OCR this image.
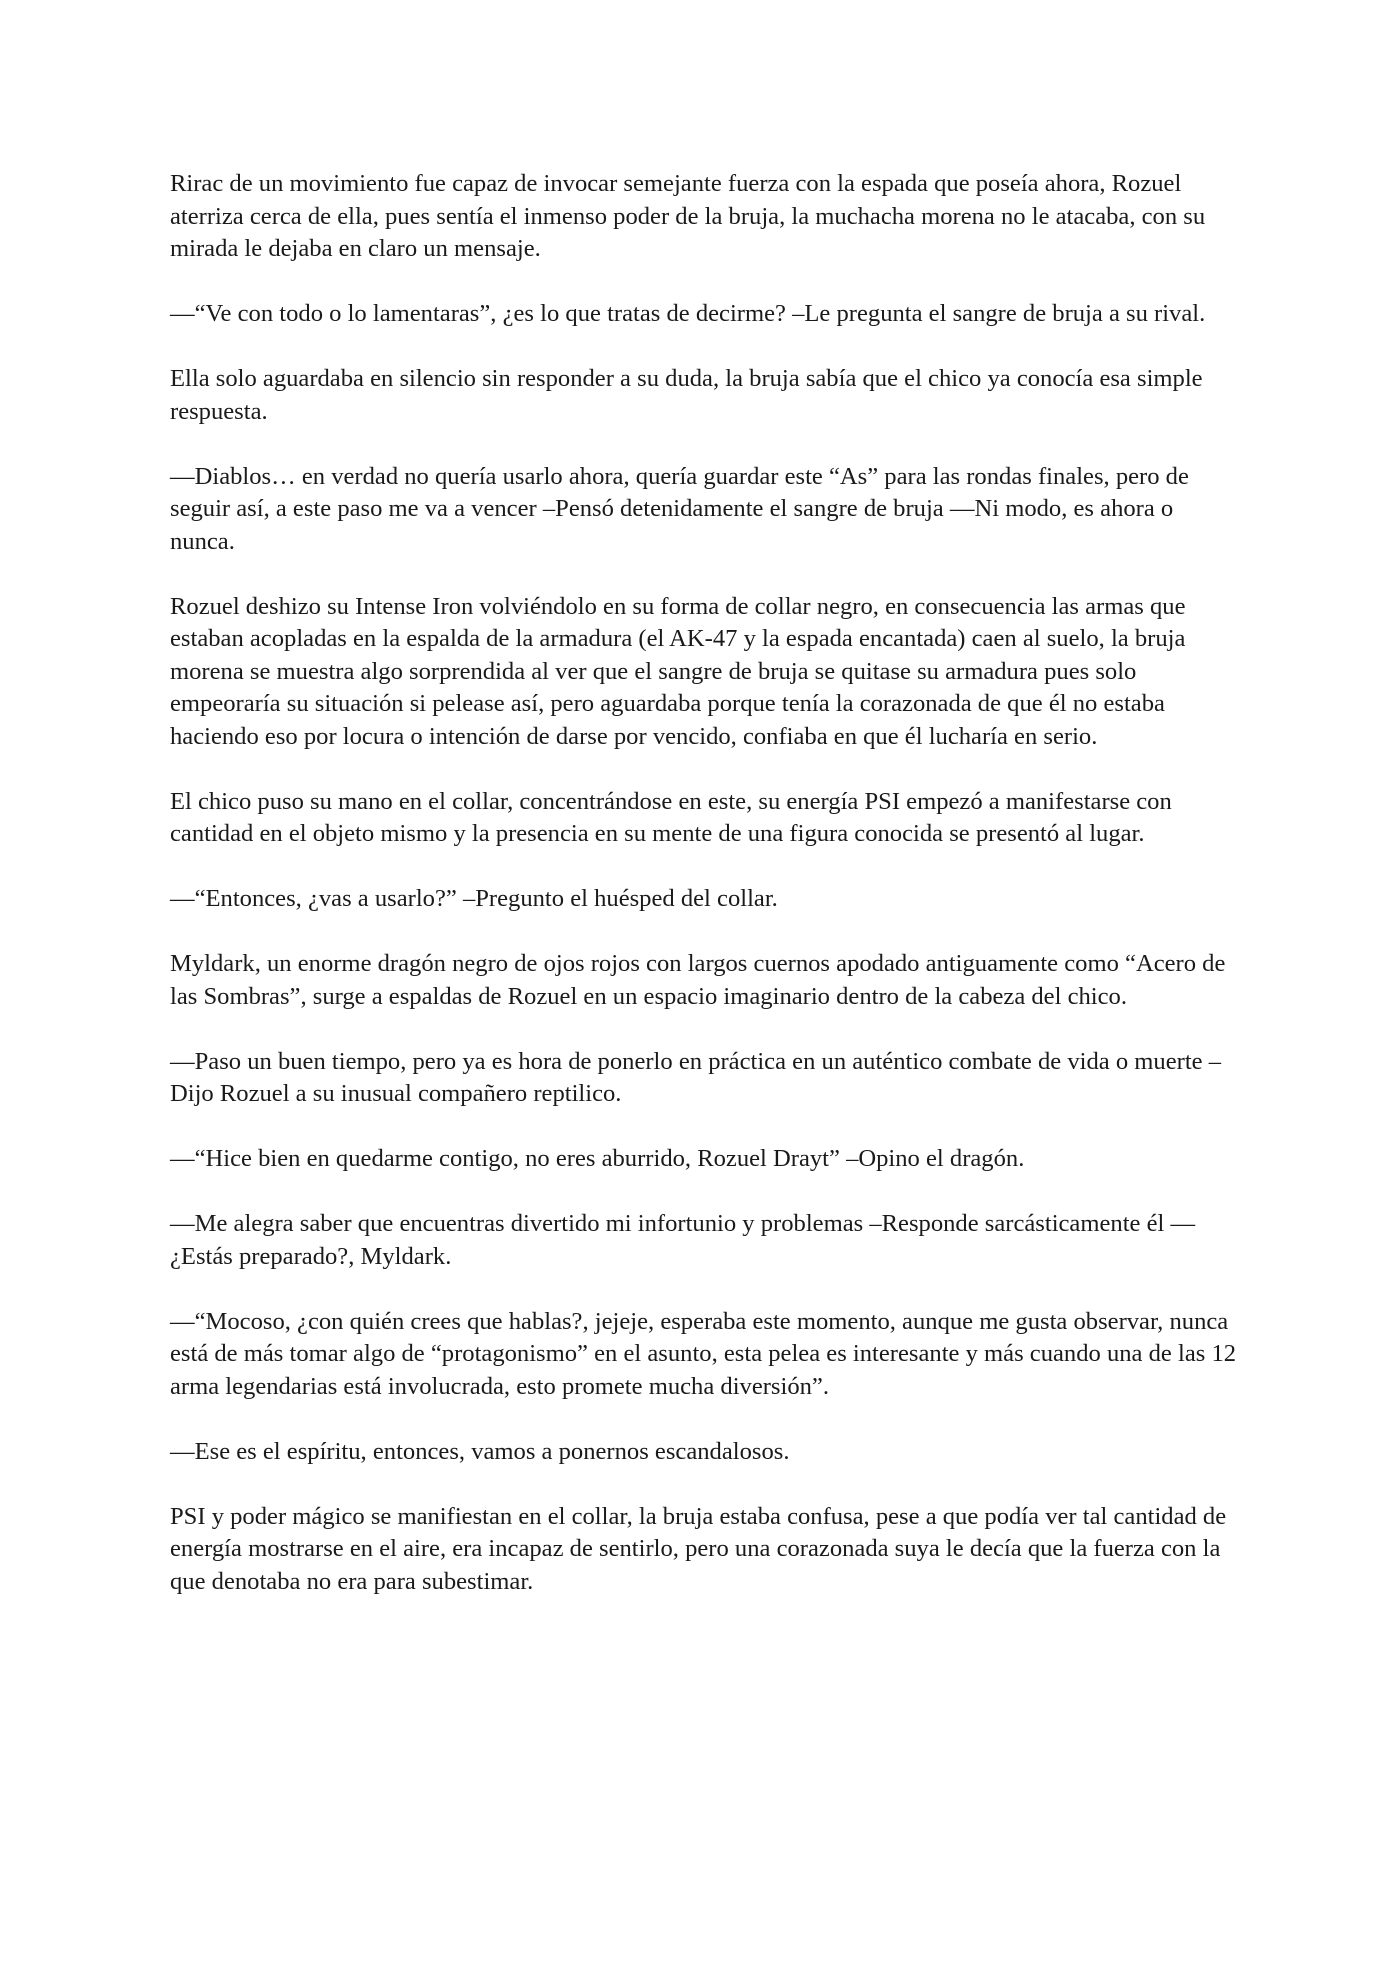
Rirac de un movimiento fue capaz de invocar semejante fuerza con la espada que poseía ahora, Rozuel aterriza cerca de ella, pues sentía el inmenso poder de la bruja, la muchacha morena no le atacaba, con su mirada le dejaba en claro un mensaje.

—“Ve con todo o lo lamentaras”, ¿es lo que tratas de decirme? –Le pregunta el sangre de bruja a su rival.

Ella solo aguardaba en silencio sin responder a su duda, la bruja sabía que el chico ya conocía esa simple respuesta.

—Diablos… en verdad no quería usarlo ahora, quería guardar este “As” para las rondas finales, pero de seguir así, a este paso me va a vencer –Pensó detenidamente el sangre de bruja —Ni modo, es ahora o nunca.

Rozuel deshizo su Intense Iron volviéndolo en su forma de collar negro, en consecuencia las armas que estaban acopladas en la espalda de la armadura (el AK-47 y la espada encantada) caen al suelo, la bruja morena se muestra algo sorprendida al ver que el sangre de bruja se quitase su armadura pues solo empeoraría su situación si pelease así, pero aguardaba porque tenía la corazonada de que él no estaba haciendo eso por locura o intención de darse por vencido, confiaba en que él lucharía en serio.

El chico puso su mano en el collar, concentrándose en este, su energía PSI empezó a manifestarse con cantidad en el objeto mismo y la presencia en su mente de una figura conocida se presentó al lugar.

—“Entonces, ¿vas a usarlo?” –Pregunto el huésped del collar.

Myldark, un enorme dragón negro de ojos rojos con largos cuernos apodado antiguamente como “Acero de las Sombras”, surge a espaldas de Rozuel en un espacio imaginario dentro de la cabeza del chico.

—Paso un buen tiempo, pero ya es hora de ponerlo en práctica en un auténtico combate de vida o muerte –Dijo Rozuel a su inusual compañero reptilico.

—“Hice bien en quedarme contigo, no eres aburrido, Rozuel Drayt” –Opino el dragón.

—Me alegra saber que encuentras divertido mi infortunio y problemas –Responde sarcásticamente él — ¿Estás preparado?, Myldark.

—“Mocoso, ¿con quién crees que hablas?, jejeje, esperaba este momento, aunque me gusta observar, nunca está de más tomar algo de “protagonismo” en el asunto, esta pelea es interesante y más cuando una de las 12 arma legendarias está involucrada, esto promete mucha diversión”.

—Ese es el espíritu, entonces, vamos a ponernos escandalosos.

PSI y poder mágico se manifiestan en el collar, la bruja estaba confusa, pese a que podía ver tal cantidad de energía mostrarse en el aire, era incapaz de sentirlo, pero una corazonada suya le decía que la fuerza con la que denotaba no era para subestimar.
